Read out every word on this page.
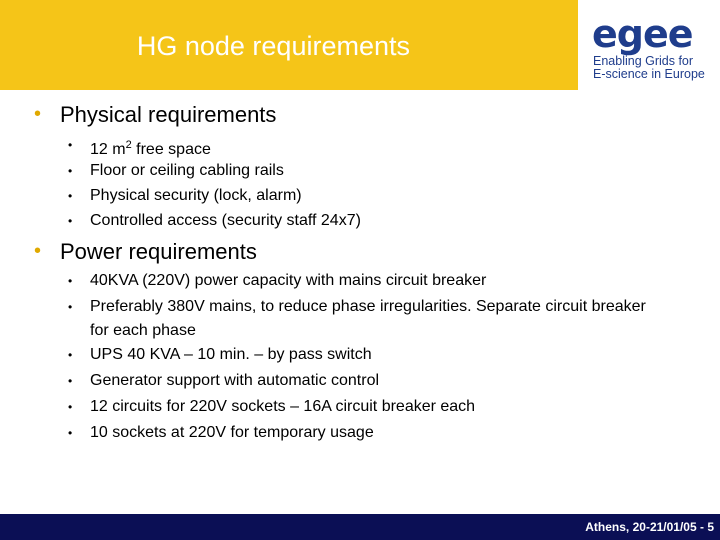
HG node requirements	egee
Enabling Grids for
E-science in Europe
• Physical requirements
• 12 $m^2$ free space
• Floor or ceiling cabling rails
• Physical security (lock, alarm)
• Controlled access (security staff 24x7)
• Power requirements
• 40KVA (220V) power capacity with mains circuit breaker
• Preferably 380V mains, to reduce phase irregularities. Separate circuit breaker for each phase
• UPS 40 KVA – 10 min. – by pass switch
• Generator support with automatic control
• 12 circuits for 220V sockets – 16A circuit breaker each
• 10 sockets at 220V for temporary usage
Athens, 20-21/01/05 - 5
